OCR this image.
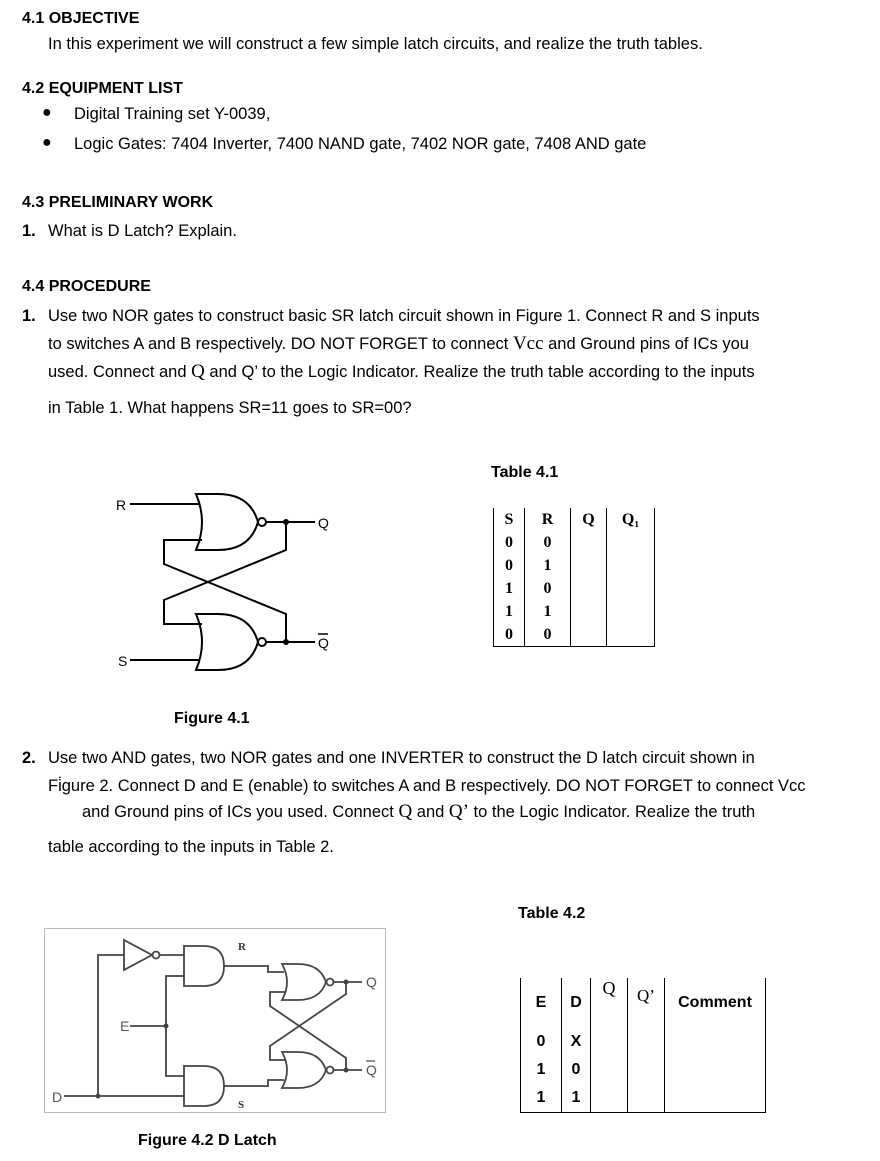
4.1 OBJECTIVE
In this experiment we will construct a few simple latch circuits, and realize the truth tables.
4.2 EQUIPMENT LIST
● Digital Training set Y-0039,
● Logic Gates: 7404 Inverter, 7400 NAND gate, 7402 NOR gate, 7408 AND gate
4.3 PRELIMINARY WORK
1. What is D Latch? Explain.
4.4 PROCEDURE
1. Use two NOR gates to construct basic SR latch circuit shown in Figure 1. Connect R and S inputs
to switches A and B respectively. DO NOT FORGET to connect Vcc and Ground pins of ICs you
used. Connect and Q and Q’ to the Logic Indicator. Realize the truth table according to the inputs
in Table 1. What happens SR=11 goes to SR=00?
R
S
Q
Q
Figure 4.1
Table 4.1
S	R	Q	Q₁
0	0		
0	1		
1	0		
1	1		
0	0		
2. Use two AND gates, two NOR gates and one INVERTER to construct the D latch circuit shown in
Fi̇gure 2. Connect D and E (enable) to switches A and B respectively. DO NOT FORGET to connect Vcc
and Ground pins of ICs you used. Connect Q and Q’ to the Logic Indicator. Realize the truth
table according to the inputs in Table 2.
R
S
E
D
Q
Q
Figure 4.2 D Latch
Table 4.2
E	D	Q	Q’	Comment
0	X			
1	0			
1	1			
